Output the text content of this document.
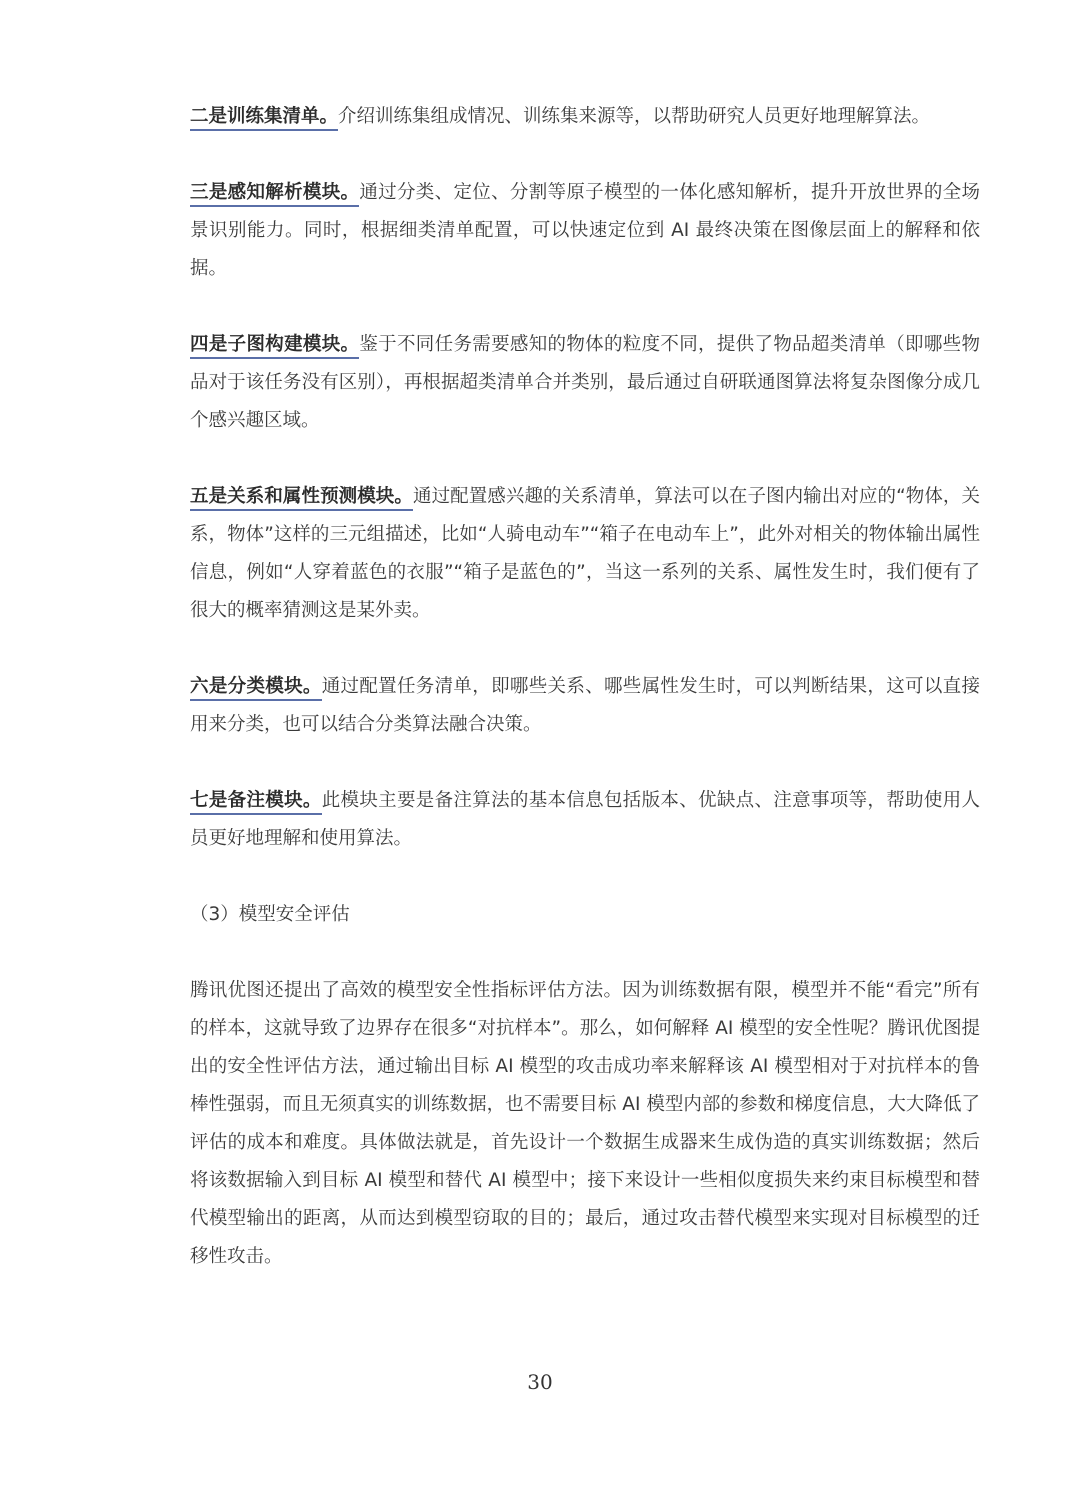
二是训练集清单。介绍训练集组成情况、训练集来源等，以帮助研究人员更好地理解算法。

三是感知解析模块。通过分类、定位、分割等原子模型的一体化感知解析，提升开放世界的全场景识别能力。同时，根据细类清单配置，可以快速定位到 AI 最终决策在图像层面上的解释和依据。

四是子图构建模块。鉴于不同任务需要感知的物体的粒度不同，提供了物品超类清单（即哪些物品对于该任务没有区别），再根据超类清单合并类别，最后通过自研联通图算法将复杂图像分成几个感兴趣区域。

五是关系和属性预测模块。通过配置感兴趣的关系清单，算法可以在子图内输出对应的“物体，关系，物体”这样的三元组描述，比如“人骑电动车”“箱子在电动车上”，此外对相关的物体输出属性信息，例如“人穿着蓝色的衣服”“箱子是蓝色的”，当这一系列的关系、属性发生时，我们便有了很大的概率猜测这是某外卖。

六是分类模块。通过配置任务清单，即哪些关系、哪些属性发生时，可以判断结果，这可以直接用来分类，也可以结合分类算法融合决策。

七是备注模块。此模块主要是备注算法的基本信息包括版本、优缺点、注意事项等，帮助使用人员更好地理解和使用算法。

（3）模型安全评估

腾讯优图还提出了高效的模型安全性指标评估方法。因为训练数据有限，模型并不能“看完”所有的样本，这就导致了边界存在很多“对抗样本”。那么，如何解释 AI 模型的安全性呢？腾讯优图提出的安全性评估方法，通过输出目标 AI 模型的攻击成功率来解释该 AI 模型相对于对抗样本的鲁棒性强弱，而且无须真实的训练数据，也不需要目标 AI 模型内部的参数和梯度信息，大大降低了评估的成本和难度。具体做法就是，首先设计一个数据生成器来生成伪造的真实训练数据；然后将该数据输入到目标 AI 模型和替代 AI 模型中；接下来设计一些相似度损失来约束目标模型和替代模型输出的距离，从而达到模型窃取的目的；最后，通过攻击替代模型来实现对目标模型的迁移性攻击。

30
